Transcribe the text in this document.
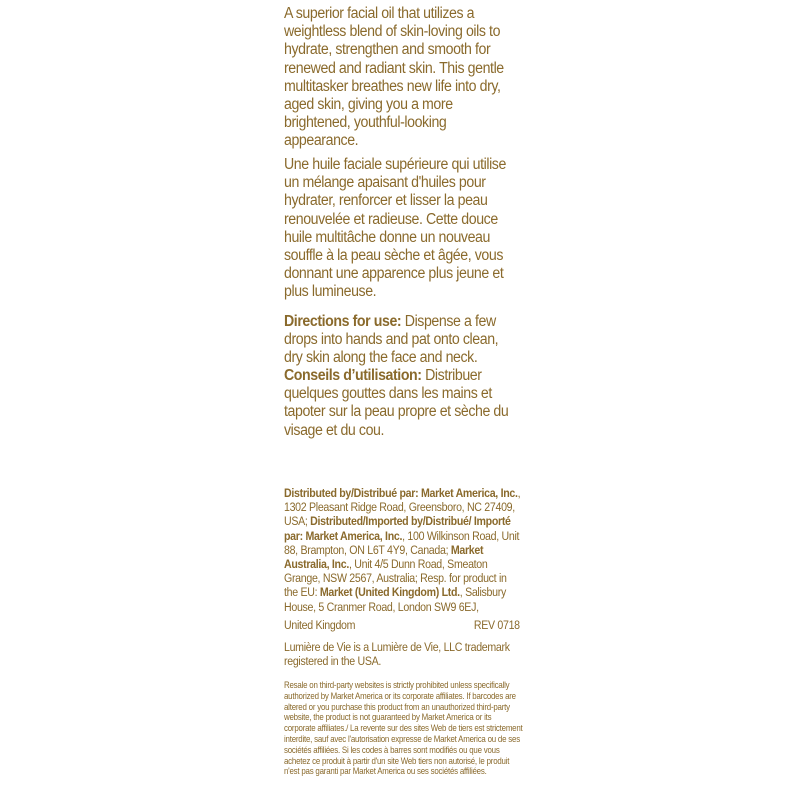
A superior facial oil that utilizes a weightless blend of skin-loving oils to hydrate, strengthen and smooth for renewed and radiant skin. This gentle multitasker breathes new life into dry, aged skin, giving you a more brightened, youthful-looking appearance.

Une huile faciale supérieure qui utilise un mélange apaisant d'huiles pour hydrater, renforcer et lisser la peau renouvelée et radieuse. Cette douce huile multitâche donne un nouveau souffle à la peau sèche et âgée, vous donnant une apparence plus jeune et plus lumineuse.

Directions for use: Dispense a few drops into hands and pat onto clean, dry skin along the face and neck.

Conseils d’utilisation: Distribuer quelques gouttes dans les mains et tapoter sur la peau propre et sèche du visage et du cou.

Distributed by/Distribué par: Market America, Inc., 1302 Pleasant Ridge Road, Greensboro, NC 27409, USA; Distributed/Imported by/Distribué/ Importé par: Market America, Inc., 100 Wilkinson Road, Unit 88, Brampton, ON L6T 4Y9, Canada; Market Australia, Inc., Unit 4/5 Dunn Road, Smeaton Grange, NSW 2567, Australia; Resp. for product in the EU: Market (United Kingdom) Ltd., Salisbury House, 5 Cranmer Road, London SW9 6EJ,

United Kingdom	REV 0718

Lumière de Vie is a Lumière de Vie, LLC trademark registered in the USA.

Resale on third-party websites is strictly prohibited unless specifically authorized by Market America or its corporate affiliates. If barcodes are altered or you purchase this product from an unauthorized third-party website, the product is not guaranteed by Market America or its corporate affiliates./ La revente sur des sites Web de tiers est strictement interdite, sauf avec l'autorisation expresse de Market America ou de ses sociétés affiliées. Si les codes à barres sont modifiés ou que vous achetez ce produit à partir d'un site Web tiers non autorisé, le produit n'est pas garanti par Market America ou ses sociétés affiliées.
